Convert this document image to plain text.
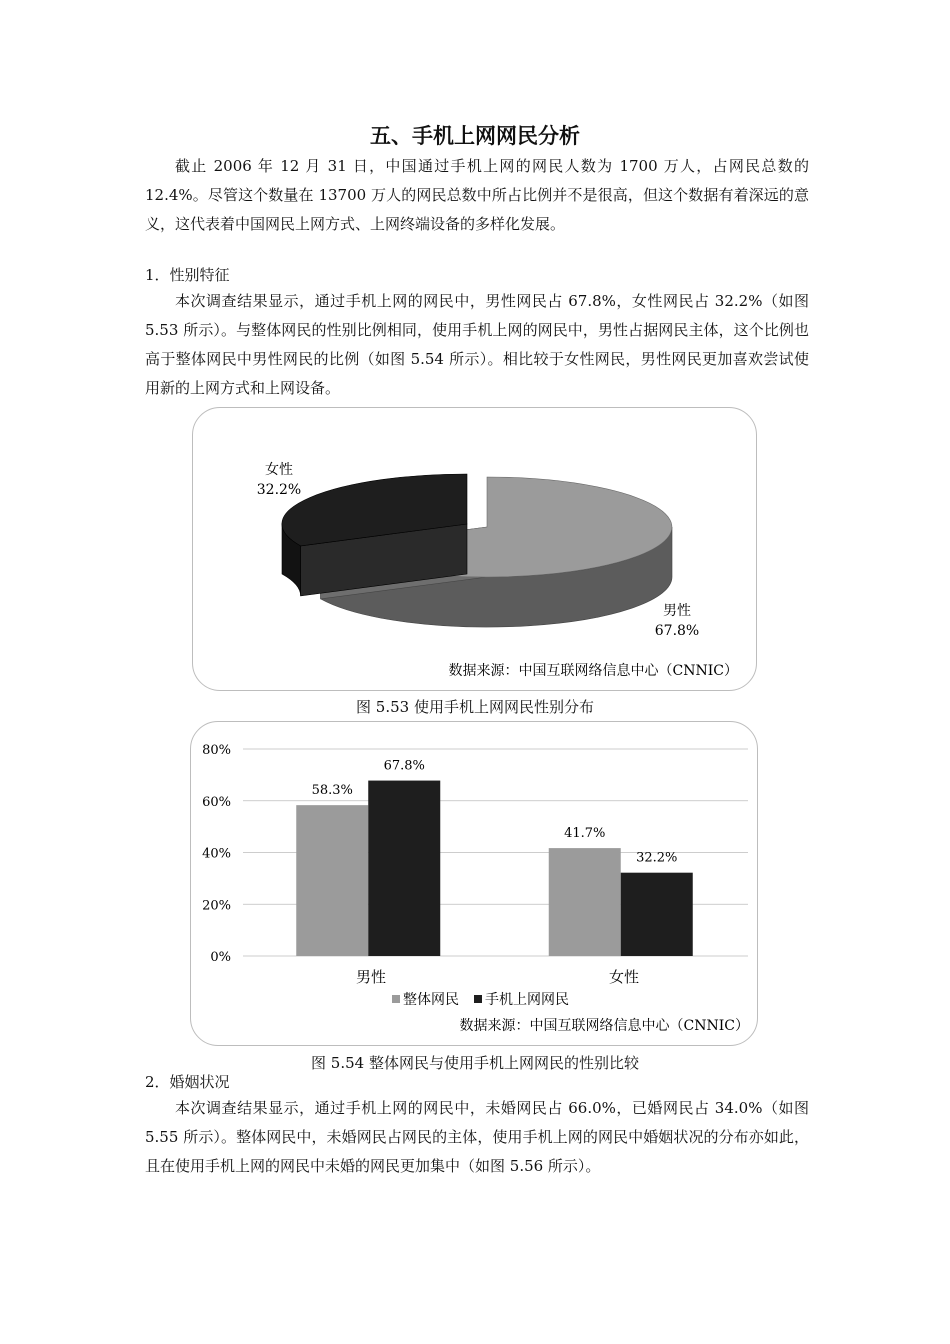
五、手机上网网民分析

截止 2006 年 12 月 31 日，中国通过手机上网的网民人数为 1700 万人，占网民总数的 12.4%。尽管这个数量在 13700 万人的网民总数中所占比例并不是很高，但这个数据有着深远的意义，这代表着中国网民上网方式、上网终端设备的多样化发展。

1．性别特征

本次调查结果显示，通过手机上网的网民中，男性网民占 67.8%，女性网民占 32.2%（如图 5.53 所示）。与整体网民的性别比例相同，使用手机上网的网民中，男性占据网民主体，这个比例也高于整体网民中男性网民的比例（如图 5.54 所示）。相比较于女性网民，男性网民更加喜欢尝试使用新的上网方式和上网设备。

女性
32.2%
男性
67.8%
数据来源：中国互联网络信息中心（CNNIC）
图 5.53 使用手机上网网民性别分布
0%
20%
40%
60%
80%
58.3%
67.8%
41.7%
32.2%
男性	女性
整体网民 手机上网网民
数据来源：中国互联网络信息中心（CNNIC）
图 5.54 整体网民与使用手机上网网民的性别比较
2．婚姻状况

本次调查结果显示，通过手机上网的网民中，未婚网民占 66.0%，已婚网民占 34.0%（如图 5.55 所示）。整体网民中，未婚网民占网民的主体，使用手机上网的网民中婚姻状况的分布亦如此，且在使用手机上网的网民中未婚的网民更加集中（如图 5.56 所示）。
